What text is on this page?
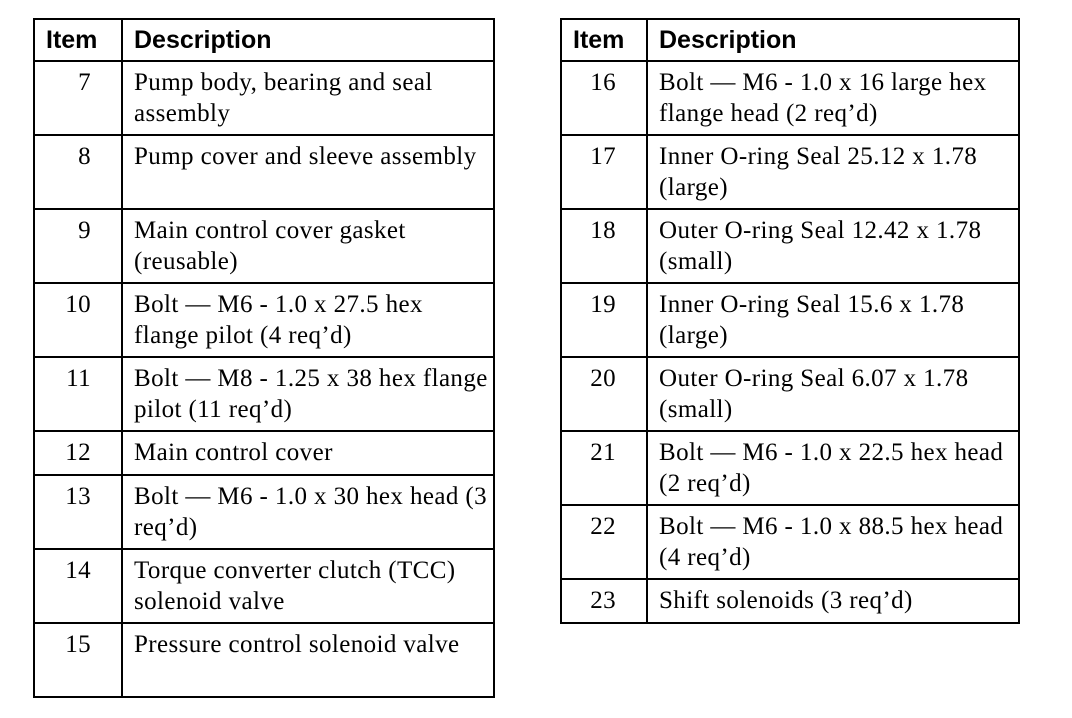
Item	Description
7	Pump body, bearing and seal assembly
8	Pump cover and sleeve assembly
9	Main control cover gasket (reusable)
10	Bolt — M6 - 1.0 x 27.5 hex flange pilot (4 req’d)
11	Bolt — M8 - 1.25 x 38 hex flange pilot (11 req’d)
12	Main control cover
13	Bolt — M6 - 1.0 x 30 hex head (3 req’d)
14	Torque converter clutch (TCC) solenoid valve
15	Pressure control solenoid valve
Item	Description
16	Bolt — M6 - 1.0 x 16 large hex flange head (2 req’d)
17	Inner O-ring Seal 25.12 x 1.78 (large)
18	Outer O-ring Seal 12.42 x 1.78 (small)
19	Inner O-ring Seal 15.6 x 1.78 (large)
20	Outer O-ring Seal 6.07 x 1.78 (small)
21	Bolt — M6 - 1.0 x 22.5 hex head (2 req’d)
22	Bolt — M6 - 1.0 x 88.5 hex head (4 req’d)
23	Shift solenoids (3 req’d)
